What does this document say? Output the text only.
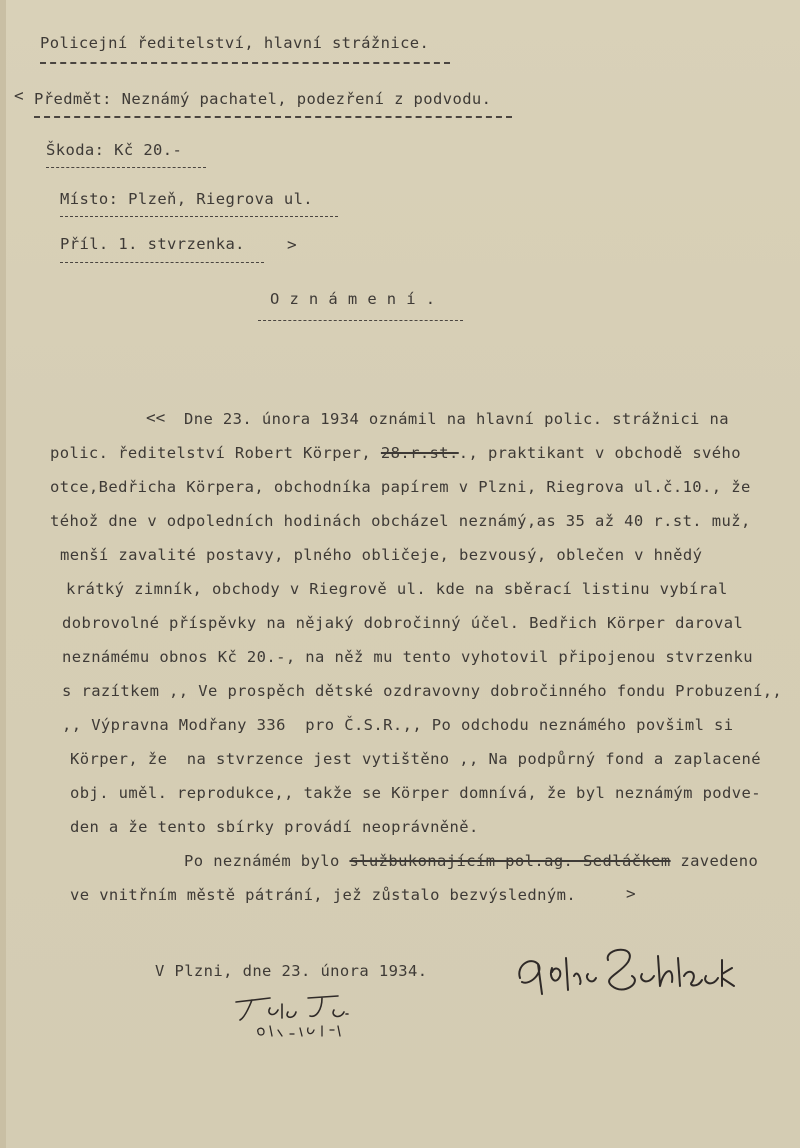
Policejní ředitelství, hlavní strážnice.
< Předmět: Neznámý pachatel, podezření z podvodu.
Škoda: Kč 20.-
Místo: Plzeň, Riegrova ul.
Příl. 1. stvrzenka.	>
O z n á m e n í .
<< Dne 23. února 1934 oznámil na hlavní polic. strážnici na
polic. ředitelství Robert Körper, 28.r.st.., praktikant v obchodě svého
otce,Bedřicha Körpera, obchodníka papírem v Plzni, Riegrova ul.č.10., že
téhož dne v odpoledních hodinách obcházel neznámý,as 35 až 40 r.st. muž,
menší zavalité postavy, plného obličeje, bezvousý, oblečen v hnědý
krátký zimník, obchody v Riegrově ul. kde na sběrací listinu vybíral
dobrovolné příspěvky na nějaký dobročinný účel. Bedřich Körper daroval
neznámému obnos Kč 20.-, na něž mu tento vyhotovil připojenou stvrzenku
s razítkem ,, Ve prospěch dětské ozdravovny dobročinného fondu Probuzení,,
,, Výpravna Modřany 336  pro Č.S.R.,, Po odchodu neznámého povšiml si
Körper, že  na stvrzence jest vytištěno ,, Na podpůrný fond a zaplacené
obj. uměl. reprodukce,, takže se Körper domnívá, že byl neznámým podve-
den a že tento sbírky provádí neoprávněně.
Po neznámém bylo službukonajícím pol.ag. Sedláčkem zavedeno
ve vnitřním městě pátrání, jež zůstalo bezvýsledným.	>
V Plzni, dne 23. února 1934.
